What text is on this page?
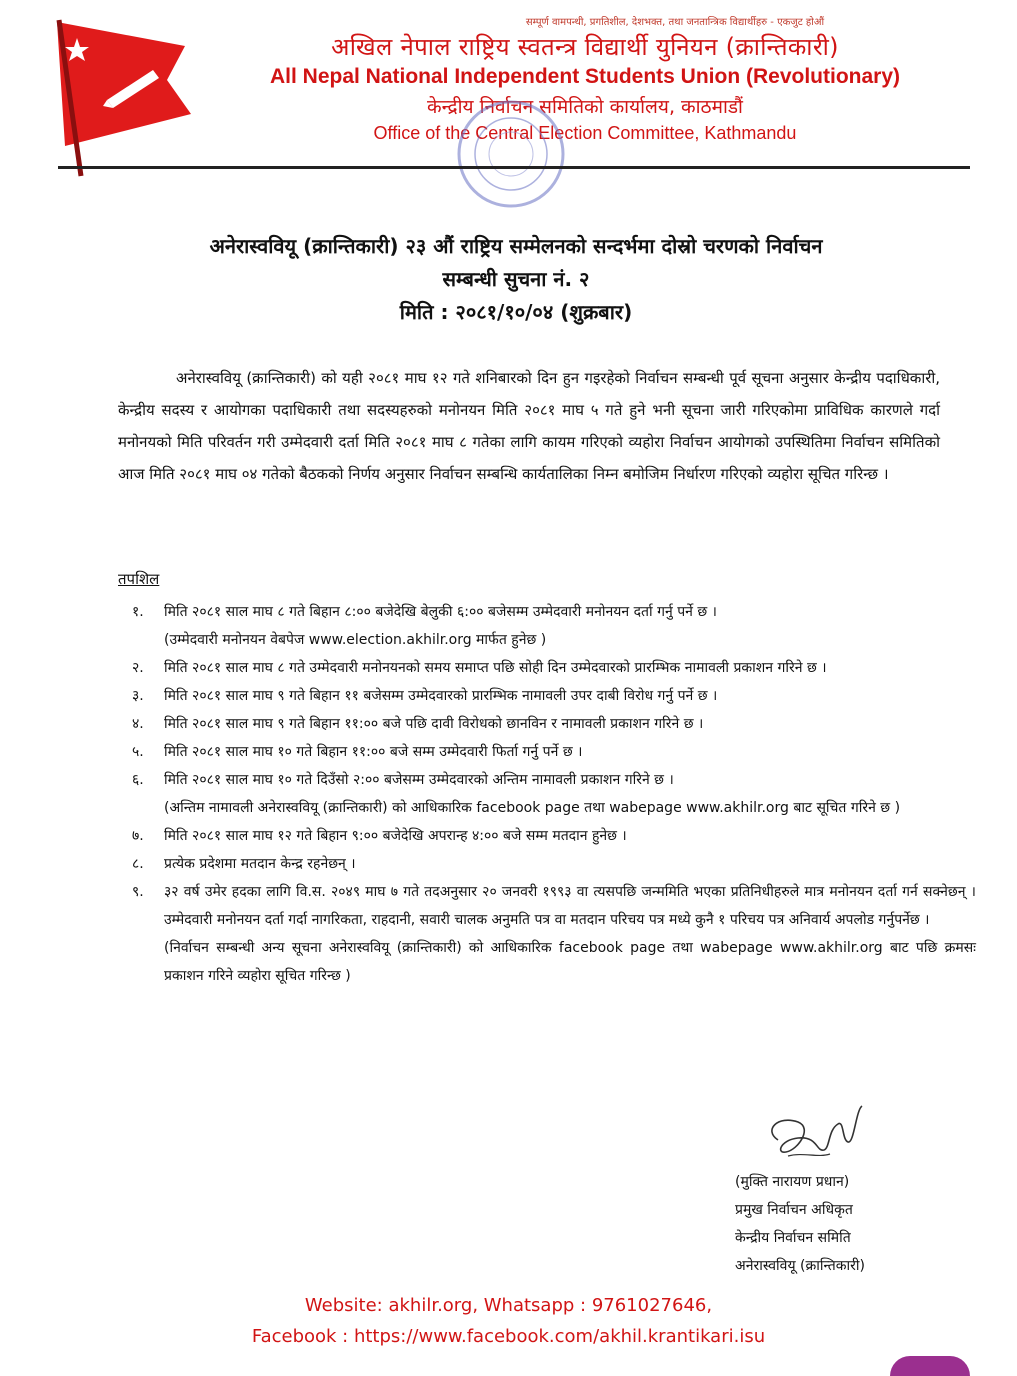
सम्पूर्ण वामपन्थी, प्रगतिशील, देशभक्त, तथा जनतान्त्रिक विद्यार्थीहरु - एकजुट होऔं
अखिल नेपाल राष्ट्रिय स्वतन्त्र विद्यार्थी युनियन (क्रान्तिकारी)
All Nepal National Independent Students Union (Revolutionary)
केन्द्रीय निर्वाचन समितिको कार्यालय, काठमाडौं
Office of the Central Election Committee, Kathmandu
अनेरास्ववियू (क्रान्तिकारी) २३ औं राष्ट्रिय सम्मेलनको सन्दर्भमा दोस्रो चरणको निर्वाचन
सम्बन्धी सुचना नं. २
मिति : २०८१/१०/०४ (शुक्रबार)
अनेरास्ववियू (क्रान्तिकारी) को यही २०८१ माघ १२ गते शनिबारको दिन हुन गइरहेको निर्वाचन सम्बन्धी पूर्व सूचना अनुसार केन्द्रीय पदाधिकारी, केन्द्रीय सदस्य र आयोगका पदाधिकारी तथा सदस्यहरुको मनोनयन मिति २०८१ माघ ५ गते हुने भनी सूचना जारी गरिएकोमा प्राविधिक कारणले गर्दा मनोनयको मिति परिवर्तन गरी उम्मेदवारी दर्ता मिति २०८१ माघ ८ गतेका लागि कायम गरिएको व्यहोरा निर्वाचन आयोगको उपस्थितिमा निर्वाचन समितिको आज मिति २०८१ माघ ०४ गतेको बैठकको निर्णय अनुसार निर्वाचन सम्बन्धि कार्यतालिका निम्न बमोजिम निर्धारण गरिएको व्यहोरा सूचित गरिन्छ ।
तपशिल
१.	मिति २०८१ साल माघ ८ गते बिहान ८:०० बजेदेखि बेलुकी ६:०० बजेसम्म उम्मेदवारी मनोनयन दर्ता गर्नु पर्ने छ ।
(उम्मेदवारी मनोनयन वेबपेज www.election.akhilr.org मार्फत हुनेछ )
२.	मिति २०८१ साल माघ ८ गते उम्मेदवारी मनोनयनको समय समाप्त पछि सोही दिन उम्मेदवारको प्रारम्भिक नामावली प्रकाशन गरिने छ ।
३.	मिति २०८१ साल माघ ९ गते बिहान ११ बजेसम्म उम्मेदवारको प्रारम्भिक नामावली उपर दाबी विरोध गर्नु पर्ने छ ।
४.	मिति २०८१ साल माघ ९ गते बिहान ११:०० बजे पछि दावी विरोधको छानविन र नामावली प्रकाशन गरिने छ ।
५.	मिति २०८१ साल माघ १० गते बिहान ११:०० बजे सम्म उम्मेदवारी फिर्ता गर्नु पर्ने छ ।
६.	मिति २०८१ साल माघ १० गते दिउँसो २:०० बजेसम्म उम्मेदवारको अन्तिम नामावली प्रकाशन गरिने छ ।
(अन्तिम नामावली अनेरास्ववियू (क्रान्तिकारी) को आधिकारिक facebook page तथा wabepage www.akhilr.org बाट सूचित गरिने छ )
७.	मिति २०८१ साल माघ १२ गते बिहान ९:०० बजेदेखि अपरान्ह ४:०० बजे सम्म मतदान हुनेछ ।
८.	प्रत्येक प्रदेशमा मतदान केन्द्र रहनेछन् ।
९.	३२ वर्ष उमेर हदका लागि वि.स. २०४९ माघ ७ गते तदअनुसार २० जनवरी १९९३ वा त्यसपछि जन्ममिति भएका प्रतिनिधीहरुले मात्र मनोनयन दर्ता गर्न सक्नेछन् । उम्मेदवारी मनोनयन दर्ता गर्दा नागरिकता, राहदानी, सवारी चालक अनुमति पत्र वा मतदान परिचय पत्र मध्ये कुनै १ परिचय पत्र अनिवार्य अपलोड गर्नुपर्नेछ ।
(निर्वाचन सम्बन्धी अन्य सूचना अनेरास्ववियू (क्रान्तिकारी) को आधिकारिक facebook page तथा wabepage www.akhilr.org बाट पछि क्रमसः प्रकाशन गरिने व्यहोरा सूचित गरिन्छ )
(मुक्ति नारायण प्रधान)
प्रमुख निर्वाचन अधिकृत
केन्द्रीय निर्वाचन समिति
अनेरास्ववियू (क्रान्तिकारी)
Website: akhilr.org, Whatsapp : 9761027646,
Facebook : https://www.facebook.com/akhil.krantikari.isu
